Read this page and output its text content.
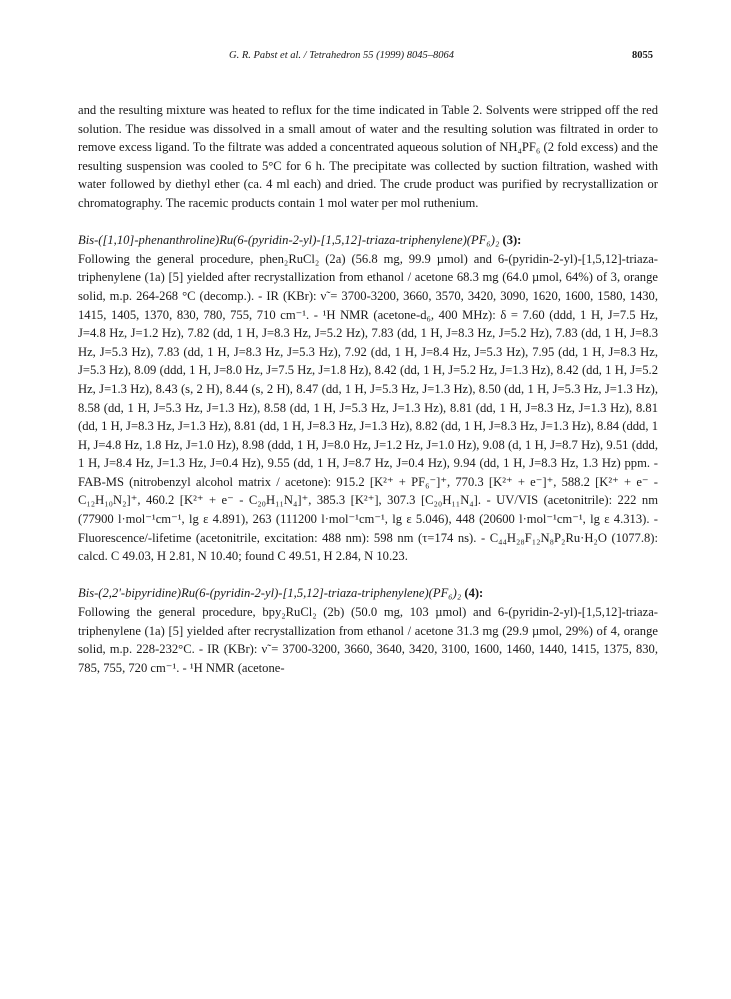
G. R. Pabst et al. / Tetrahedron 55 (1999) 8045–8064	8055

and the resulting mixture was heated to reflux for the time indicated in Table 2. Solvents were stripped off the red solution. The residue was dissolved in a small amout of water and the resulting solution was filtrated in order to remove excess ligand. To the filtrate was added a concentrated aqueous solution of NH₄PF₆ (2 fold excess) and the resulting suspension was cooled to 5°C for 6 h. The precipitate was collected by suction filtration, washed with water followed by diethyl ether (ca. 4 ml each) and dried. The crude product was purified by recrystallization or chromatography. The racemic products contain 1 mol water per mol ruthenium.

Bis-([1,10]-phenanthroline)Ru(6-(pyridin-2-yl)-[1,5,12]-triaza-triphenylene)(PF₆)₂ (3):

Following the general procedure, phen₂RuCl₂ (2a) (56.8 mg, 99.9 µmol) and 6-(pyridin-2-yl)-[1,5,12]-triaza-triphenylene (1a) [5] yielded after recrystallization from ethanol / acetone 68.3 mg (64.0 µmol, 64%) of 3, orange solid, m.p. 264-268 °C (decomp.). - IR (KBr): ν̃ = 3700-3200, 3660, 3570, 3420, 3090, 1620, 1600, 1580, 1430, 1415, 1405, 1370, 830, 780, 755, 710 cm⁻¹. - ¹H NMR (acetone-d₆, 400 MHz): δ = 7.60 (ddd, 1 H, J=7.5 Hz, J=4.8 Hz, J=1.2 Hz), 7.82 (dd, 1 H, J=8.3 Hz, J=5.2 Hz), 7.83 (dd, 1 H, J=8.3 Hz, J=5.2 Hz), 7.83 (dd, 1 H, J=8.3 Hz, J=5.3 Hz), 7.83 (dd, 1 H, J=8.3 Hz, J=5.3 Hz), 7.92 (dd, 1 H, J=8.4 Hz, J=5.3 Hz), 7.95 (dd, 1 H, J=8.3 Hz, J=5.3 Hz), 8.09 (ddd, 1 H, J=8.0 Hz, J=7.5 Hz, J=1.8 Hz), 8.42 (dd, 1 H, J=5.2 Hz, J=1.3 Hz), 8.42 (dd, 1 H, J=5.2 Hz, J=1.3 Hz), 8.43 (s, 2 H), 8.44 (s, 2 H), 8.47 (dd, 1 H, J=5.3 Hz, J=1.3 Hz), 8.50 (dd, 1 H, J=5.3 Hz, J=1.3 Hz), 8.58 (dd, 1 H, J=5.3 Hz, J=1.3 Hz), 8.58 (dd, 1 H, J=5.3 Hz, J=1.3 Hz), 8.81 (dd, 1 H, J=8.3 Hz, J=1.3 Hz), 8.81 (dd, 1 H, J=8.3 Hz, J=1.3 Hz), 8.81 (dd, 1 H, J=8.3 Hz, J=1.3 Hz), 8.82 (dd, 1 H, J=8.3 Hz, J=1.3 Hz), 8.84 (ddd, 1 H, J=4.8 Hz, 1.8 Hz, J=1.0 Hz), 8.98 (ddd, 1 H, J=8.0 Hz, J=1.2 Hz, J=1.0 Hz), 9.08 (d, 1 H, J=8.7 Hz), 9.51 (ddd, 1 H, J=8.4 Hz, J=1.3 Hz, J=0.4 Hz), 9.55 (dd, 1 H, J=8.7 Hz, J=0.4 Hz), 9.94 (dd, 1 H, J=8.3 Hz, 1.3 Hz) ppm. - FAB-MS (nitrobenzyl alcohol matrix / acetone): 915.2 [K²⁺ + PF₆⁻]⁺, 770.3 [K²⁺ + e⁻]⁺, 588.2 [K²⁺ + e⁻ - C₁₂H₁₀N₂]⁺, 460.2 [K²⁺ + e⁻ - C₂₀H₁₁N₄]⁺, 385.3 [K²⁺], 307.3 [C₂₀H₁₁N₄]. - UV/VIS (acetonitrile): 222 nm (77900 l·mol⁻¹cm⁻¹, lg ε 4.891), 263 (111200 l·mol⁻¹cm⁻¹, lg ε 5.046), 448 (20600 l·mol⁻¹cm⁻¹, lg ε 4.313). - Fluorescence/-lifetime (acetonitrile, excitation: 488 nm): 598 nm (τ=174 ns). - C₄₄H₂₈F₁₂N₈P₂Ru·H₂O (1077.8): calcd. C 49.03, H 2.81, N 10.40; found C 49.51, H 2.84, N 10.23.

Bis-(2,2'-bipyridine)Ru(6-(pyridin-2-yl)-[1,5,12]-triaza-triphenylene)(PF₆)₂ (4):

Following the general procedure, bpy₂RuCl₂ (2b) (50.0 mg, 103 µmol) and 6-(pyridin-2-yl)-[1,5,12]-triaza-triphenylene (1a) [5] yielded after recrystallization from ethanol / acetone 31.3 mg (29.9 µmol, 29%) of 4, orange solid, m.p. 228-232°C. - IR (KBr): ν̃ = 3700-3200, 3660, 3640, 3420, 3100, 1600, 1460, 1440, 1415, 1375, 830, 785, 755, 720 cm⁻¹. - ¹H NMR (acetone-
